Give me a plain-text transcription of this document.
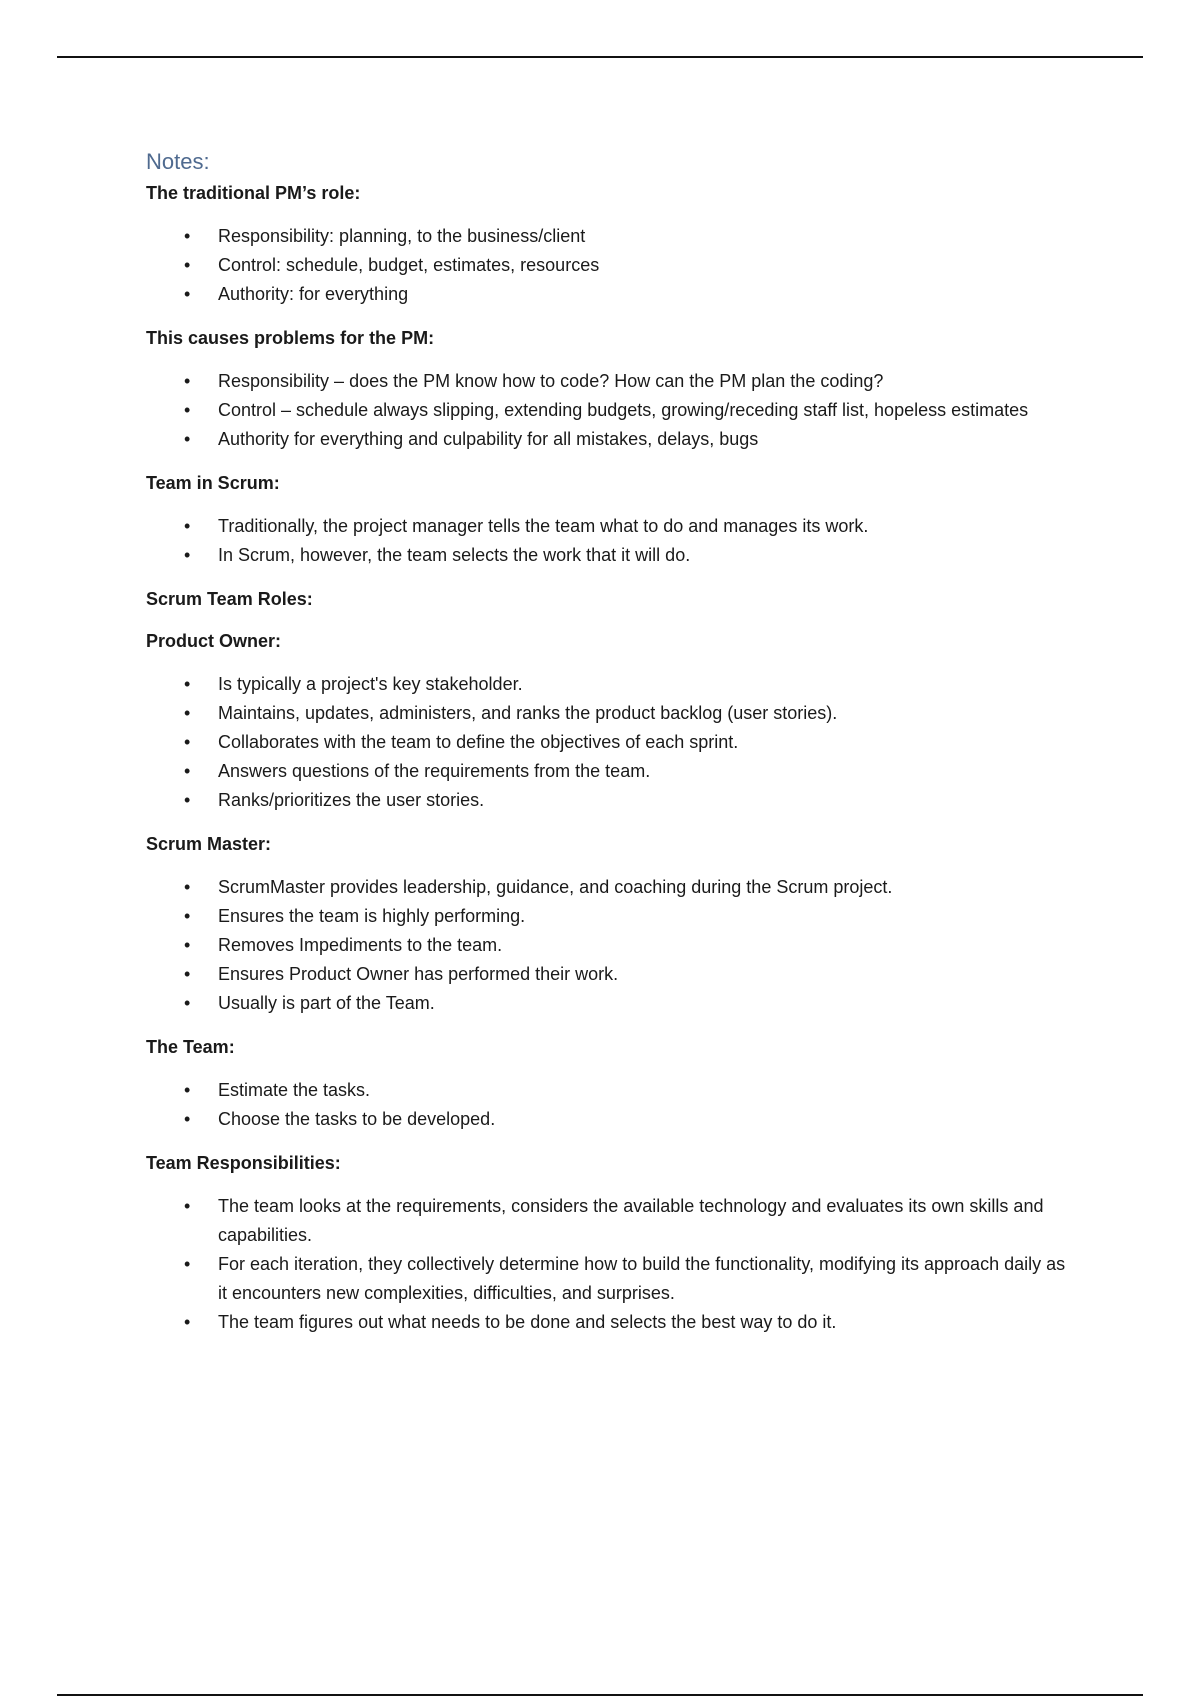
Notes:

The traditional PM’s role:

• Responsibility: planning, to the business/client
• Control: schedule, budget, estimates, resources
• Authority: for everything

This causes problems for the PM:

• Responsibility – does the PM know how to code? How can the PM plan the coding?
• Control – schedule always slipping, extending budgets, growing/receding staff list, hopeless estimates
• Authority for everything and culpability for all mistakes, delays, bugs

Team in Scrum:

• Traditionally, the project manager tells the team what to do and manages its work.
• In Scrum, however, the team selects the work that it will do.

Scrum Team Roles:

Product Owner:

• Is typically a project's key stakeholder.
• Maintains, updates, administers, and ranks the product backlog (user stories).
• Collaborates with the team to define the objectives of each sprint.
• Answers questions of the requirements from the team.
• Ranks/prioritizes the user stories.

Scrum Master:

• ScrumMaster provides leadership, guidance, and coaching during the Scrum project.
• Ensures the team is highly performing.
• Removes Impediments to the team.
• Ensures Product Owner has performed their work.
• Usually is part of the Team.

The Team:

• Estimate the tasks.
• Choose the tasks to be developed.

Team Responsibilities:

• The team looks at the requirements, considers the available technology and evaluates its own skills and capabilities.
• For each iteration, they collectively determine how to build the functionality, modifying its approach daily as it encounters new complexities, difficulties, and surprises.
• The team figures out what needs to be done and selects the best way to do it.
